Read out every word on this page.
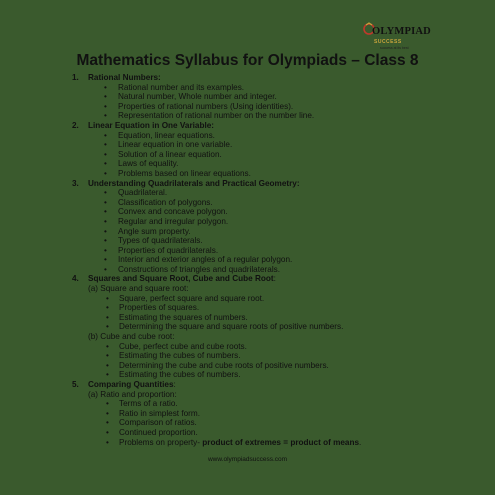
OLYMPIAD
SUCCESS
success at its best
Mathematics Syllabus for Olympiads – Class 8
1. Rational Numbers:
• Rational number and its examples.
• Natural number, Whole number and integer.
• Properties of rational numbers (Using identities).
• Representation of rational number on the number line.
2. Linear Equation in One Variable:
• Equation, linear equations.
• Linear equation in one variable.
• Solution of a linear equation.
• Laws of equality.
• Problems based on linear equations.
3. Understanding Quadrilaterals and Practical Geometry:
• Quadrilateral.
• Classification of polygons.
• Convex and concave polygon.
• Regular and irregular polygon.
• Angle sum property.
• Types of quadrilaterals.
• Properties of quadrilaterals.
• Interior and exterior angles of a regular polygon.
• Constructions of triangles and quadrilaterals.
4. Squares and Square Root, Cube and Cube Root:
(a) Square and square root:
• Square, perfect square and square root.
• Properties of squares.
• Estimating the squares of numbers.
• Determining the square and square roots of positive numbers.
(b) Cube and cube root:
• Cube, perfect cube and cube roots.
• Estimating the cubes of numbers.
• Determining the cube and cube roots of positive numbers.
• Estimating the cubes of numbers.
5. Comparing Quantities:
(a) Ratio and proportion:
• Terms of a ratio.
• Ratio in simplest form.
• Comparison of ratios.
• Continued proportion.
• Problems on property- product of extremes = product of means.
www.olympiadsuccess.com
